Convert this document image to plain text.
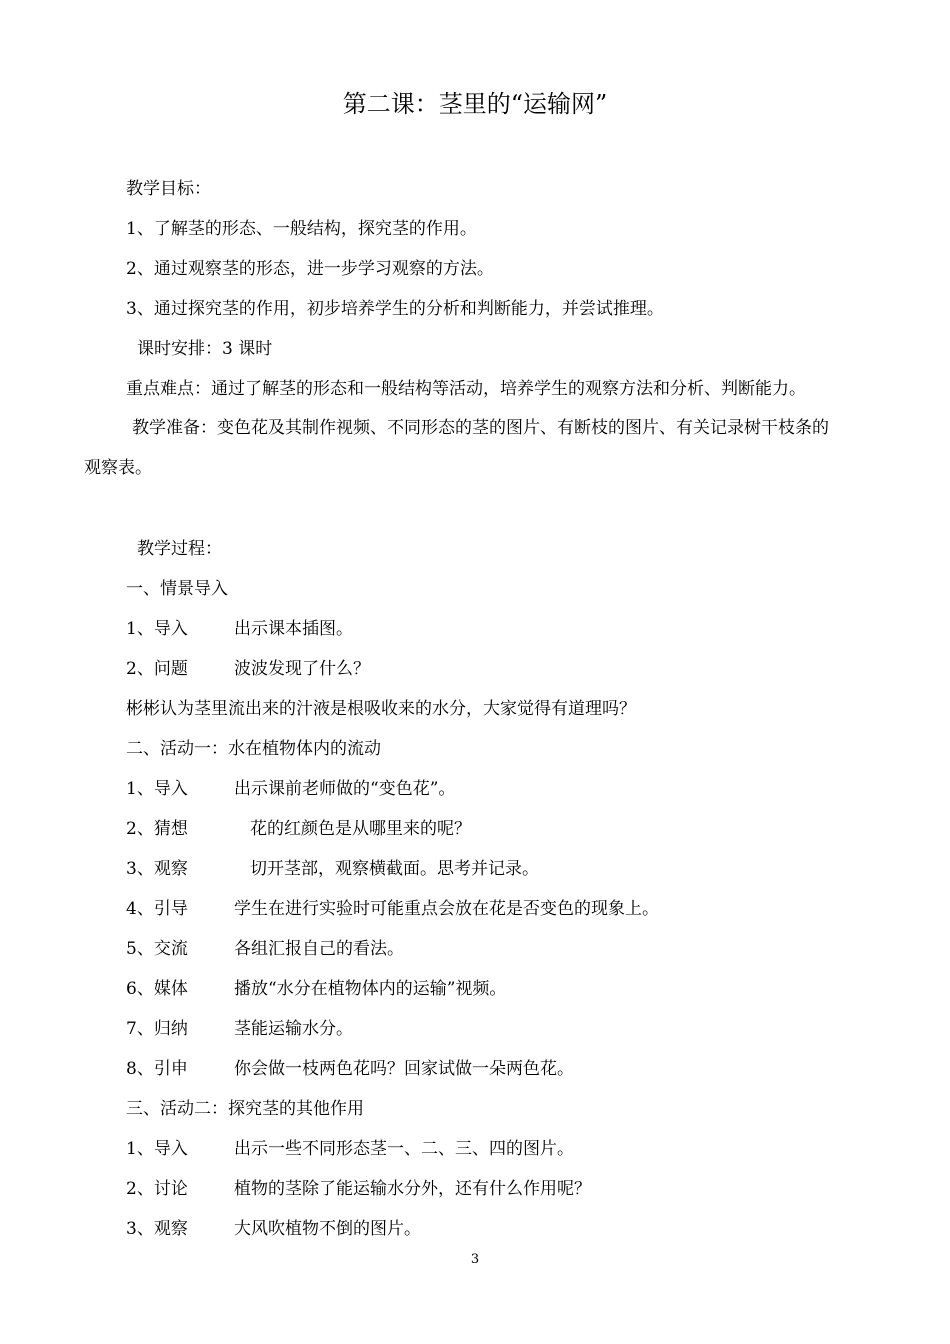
第二课：茎里的“运输网”
教学目标：
1、了解茎的形态、一般结构，探究茎的作用。
2、通过观察茎的形态，进一步学习观察的方法。
3、通过探究茎的作用，初步培养学生的分析和判断能力，并尝试推理。
课时安排：3 课时
重点难点：通过了解茎的形态和一般结构等活动，培养学生的观察方法和分析、判断能力。
教学准备：变色花及其制作视频、不同形态的茎的图片、有断枝的图片、有关记录树干枝条的
观察表。
教学过程：
一、情景导入
1、导入	出示课本插图。
2、问题	波波发现了什么？
彬彬认为茎里流出来的汁液是根吸收来的水分，大家觉得有道理吗？
二、活动一：水在植物体内的流动
1、导入	出示课前老师做的“变色花”。
2、猜想	花的红颜色是从哪里来的呢？
3、观察	切开茎部，观察横截面。思考并记录。
4、引导	学生在进行实验时可能重点会放在花是否变色的现象上。
5、交流	各组汇报自己的看法。
6、媒体	播放“水分在植物体内的运输”视频。
7、归纳	茎能运输水分。
8、引申	你会做一枝两色花吗？回家试做一朵两色花。
三、活动二：探究茎的其他作用
1、导入	出示一些不同形态茎一、二、三、四的图片。
2、讨论	植物的茎除了能运输水分外，还有什么作用呢？
3、观察	大风吹植物不倒的图片。
3
